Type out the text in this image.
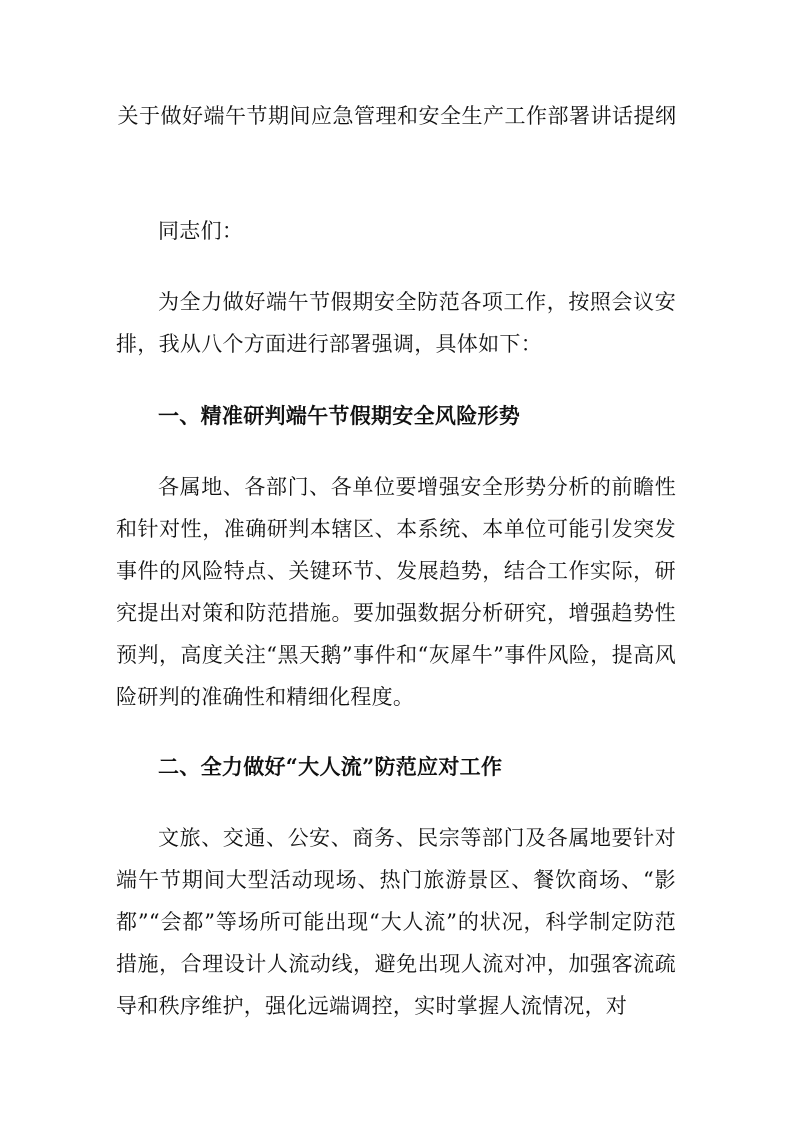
关于做好端午节期间应急管理和安全生产工作部署讲话提纲

同志们：

为全力做好端午节假期安全防范各项工作，按照会议安排，我从八个方面进行部署强调，具体如下：

一、精准研判端午节假期安全风险形势

各属地、各部门、各单位要增强安全形势分析的前瞻性和针对性，准确研判本辖区、本系统、本单位可能引发突发事件的风险特点、关键环节、发展趋势，结合工作实际，研究提出对策和防范措施。要加强数据分析研究，增强趋势性预判，高度关注“黑天鹅”事件和“灰犀牛”事件风险，提高风险研判的准确性和精细化程度。

二、全力做好“大人流”防范应对工作

文旅、交通、公安、商务、民宗等部门及各属地要针对端午节期间大型活动现场、热门旅游景区、餐饮商场、“影都”“会都”等场所可能出现“大人流”的状况，科学制定防范措施，合理设计人流动线，避免出现人流对冲，加强客流疏导和秩序维护，强化远端调控，实时掌握人流情况，对
